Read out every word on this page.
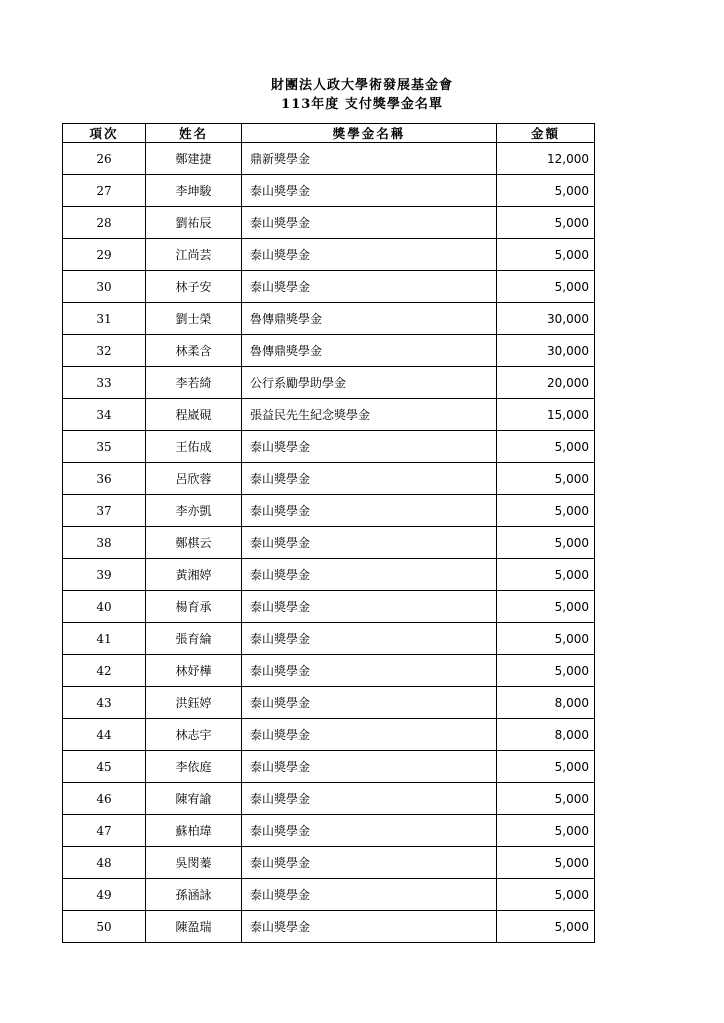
財團法人政大學術發展基金會
113年度 支付獎學金名單
項次	姓名	獎學金名稱	金額
26	鄭建捷	鼎新獎學金	12,000
27	李坤駿	泰山獎學金	5,000
28	劉祐辰	泰山獎學金	5,000
29	江尚芸	泰山獎學金	5,000
30	林子安	泰山獎學金	5,000
31	劉士榮	魯傳鼎獎學金	30,000
32	林柔含	魯傳鼎獎學金	30,000
33	李若綺	公行系勵學助學金	20,000
34	程崴硯	張益民先生紀念獎學金	15,000
35	王佑成	泰山獎學金	5,000
36	呂欣蓉	泰山獎學金	5,000
37	李亦凱	泰山獎學金	5,000
38	鄭棋云	泰山獎學金	5,000
39	黃湘婷	泰山獎學金	5,000
40	楊育承	泰山獎學金	5,000
41	張育綸	泰山獎學金	5,000
42	林妤樺	泰山獎學金	5,000
43	洪鈺婷	泰山獎學金	8,000
44	林志宇	泰山獎學金	8,000
45	李依庭	泰山獎學金	5,000
46	陳宥諭	泰山獎學金	5,000
47	蘇柏瑋	泰山獎學金	5,000
48	吳閔蓁	泰山獎學金	5,000
49	孫涵詠	泰山獎學金	5,000
50	陳盈瑞	泰山獎學金	5,000
